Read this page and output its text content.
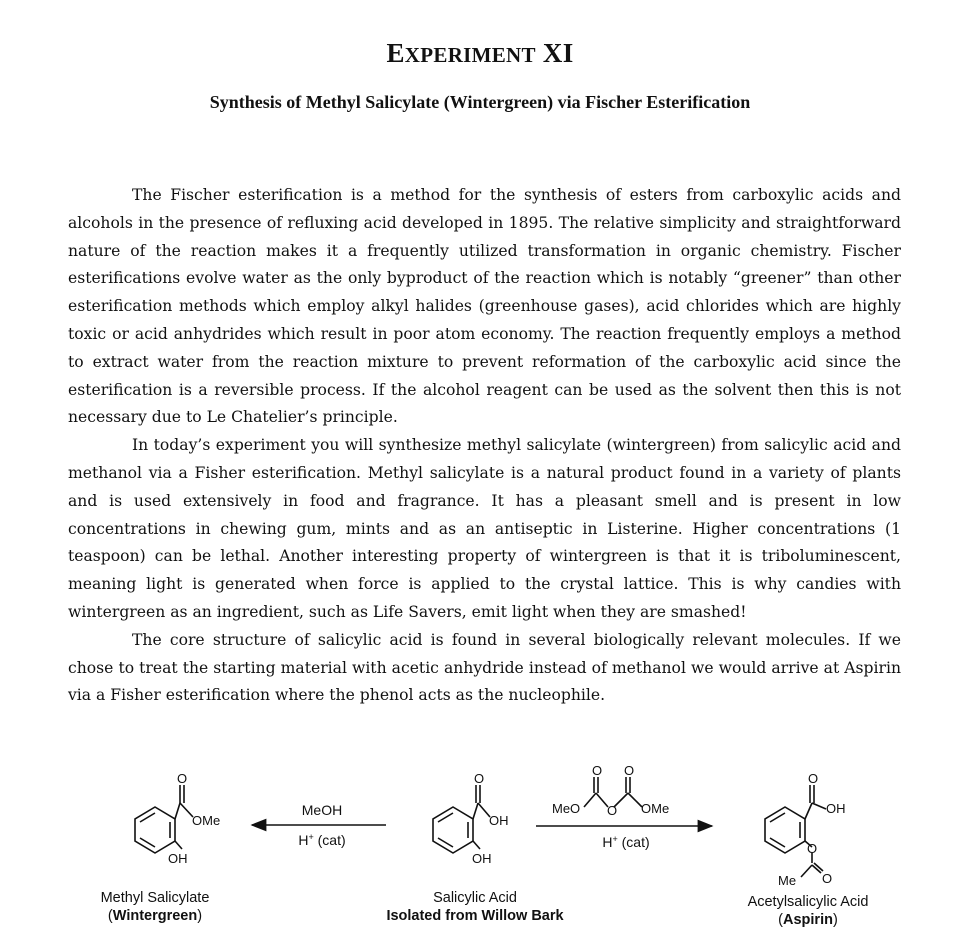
EXPERIMENT XI
Synthesis of Methyl Salicylate (Wintergreen) via Fischer Esterification

The Fischer esterification is a method for the synthesis of esters from carboxylic acids and alcohols in the presence of refluxing acid developed in 1895. The relative simplicity and straightforward nature of the reaction makes it a frequently utilized transformation in organic chemistry. Fischer esterifications evolve water as the only byproduct of the reaction which is notably “greener” than other esterification methods which employ alkyl halides (greenhouse gases), acid chlorides which are highly toxic or acid anhydrides which result in poor atom economy. The reaction frequently employs a method to extract water from the reaction mixture to prevent reformation of the carboxylic acid since the esterification is a reversible process. If the alcohol reagent can be used as the solvent then this is not necessary due to Le Chatelier’s principle.

In today’s experiment you will synthesize methyl salicylate (wintergreen) from salicylic acid and methanol via a Fisher esterification. Methyl salicylate is a natural product found in a variety of plants and is used extensively in food and fragrance. It has a pleasant smell and is present in low concentrations in chewing gum, mints and as an antiseptic in Listerine. Higher concentrations (1 teaspoon) can be lethal. Another interesting property of wintergreen is that it is triboluminescent, meaning light is generated when force is applied to the crystal lattice. This is why candies with wintergreen as an ingredient, such as Life Savers, emit light when they are smashed!

The core structure of salicylic acid is found in several biologically relevant molecules. If we chose to treat the starting material with acetic anhydride instead of methanol we would arrive at Aspirin via a Fisher esterification where the phenol acts as the nucleophile.

O
OMe
OH
MeOH
H+ (cat)
O
OH
OH
MeO O OMe
O O
H+ (cat)
O
OH
O
Me O
Methyl Salicylate
(Wintergreen)
Salicylic Acid
Isolated from Willow Bark
Acetylsalicylic Acid
(Aspirin)
